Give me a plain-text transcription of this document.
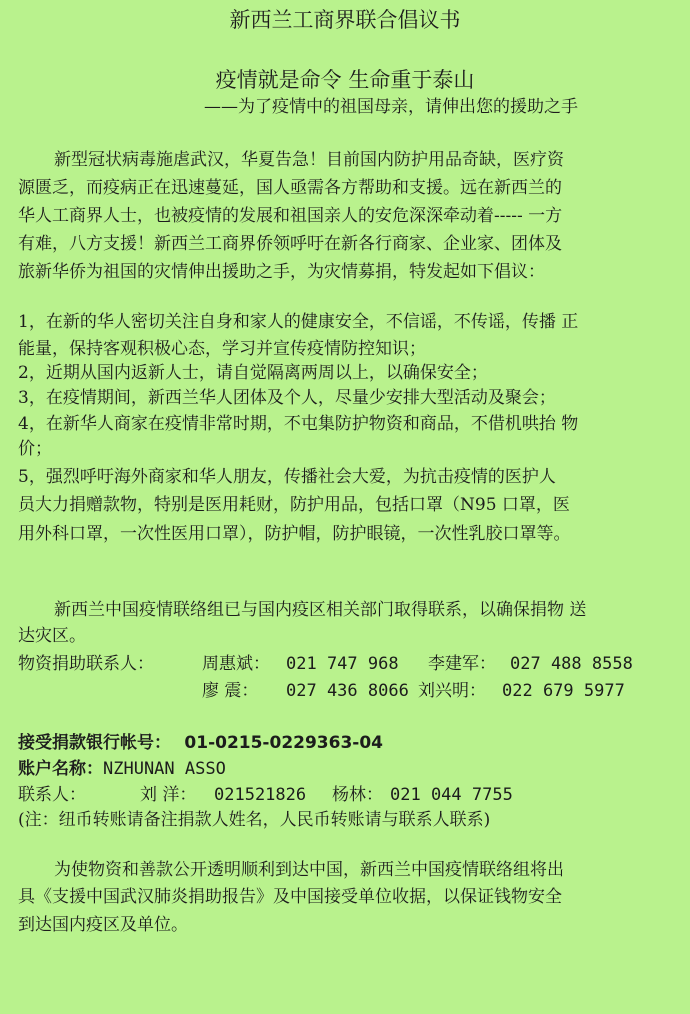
新西兰工商界联合倡议书
疫情就是命令 生命重于泰山
——为了疫情中的祖国母亲，请伸出您的援助之手
新型冠状病毒施虐武汉，华夏告急！目前国内防护用品奇缺，医疗资
源匮乏，而疫病正在迅速蔓延，国人亟需各方帮助和支援。远在新西兰的
华人工商界人士，也被疫情的发展和祖国亲人的安危深深牵动着----- 一方
有难，八方支援！新西兰工商界侨领呼吁在新各行商家、企业家、团体及
旅新华侨为祖国的灾情伸出援助之手，为灾情募捐，特发起如下倡议：
1，在新的华人密切关注自身和家人的健康安全，不信谣，不传谣，传播 正
能量，保持客观积极心态，学习并宣传疫情防控知识；
2，近期从国内返新人士，请自觉隔离两周以上，以确保安全；
3，在疫情期间，新西兰华人团体及个人，尽量少安排大型活动及聚会；
4，在新华人商家在疫情非常时期，不屯集防护物资和商品，不借机哄抬 物
价；
5，强烈呼吁海外商家和华人朋友，传播社会大爱，为抗击疫情的医护人
员大力捐赠款物，特别是医用耗财，防护用品，包括口罩（N95 口罩，医
用外科口罩，一次性医用口罩），防护帽，防护眼镜，一次性乳胶口罩等。
新西兰中国疫情联络组已与国内疫区相关部门取得联系，以确保捐物 送
达灾区。
物资捐助联系人：	周惠斌： 021 747 968 李建军： 027 488 8558
廖 震： 027 436 8066 刘兴明： 022 679 5977
接受捐款银行帐号： 01-0215-0229363-04
账户名称：NZHUNAN ASSO
联系人：	刘 洋： 021521826 杨林： 021 044 7755
(注：纽币转账请备注捐款人姓名，人民币转账请与联系人联系)
为使物资和善款公开透明顺利到达中国，新西兰中国疫情联络组将出
具《支援中国武汉肺炎捐助报告》及中国接受单位收据，以保证钱物安全
到达国内疫区及单位。
